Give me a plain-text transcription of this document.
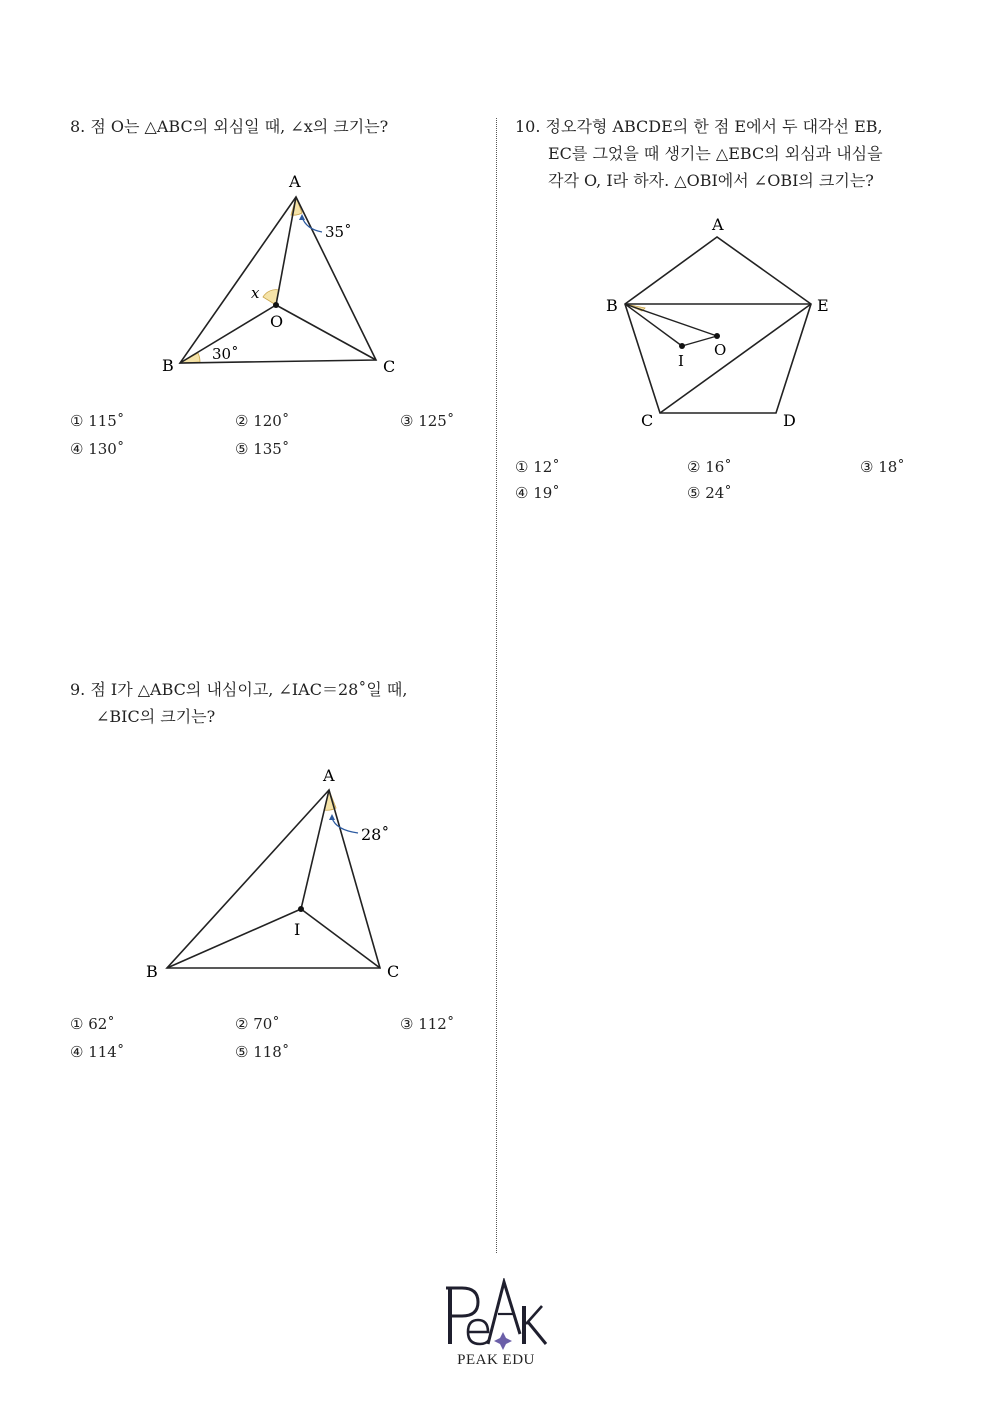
8. 점 O는 △ABC의 외심일 때, ∠x의 크기는?

A
B	C
O
x
35˚
30˚
① 115˚	② 120˚	③ 125˚
④ 130˚	⑤ 135˚

9. 점 I가 △ABC의 내심이고, ∠IAC＝28˚일 때,

∠BIC의 크기는?

A
B	C
I
28˚
① 62˚	② 70˚	③ 112˚
④ 114˚	⑤ 118˚

10. 정오각형 ABCDE의 한 점 E에서 두 대각선 EB,

EC를 그었을 때 생기는 △EBC의 외심과 내심을

각각 O, I라 하자. △OBI에서 ∠OBI의 크기는?

A
B
C	D
E
O
I
① 12˚	② 16˚	③ 18˚
④ 19˚	⑤ 24˚
PEAK EDU
